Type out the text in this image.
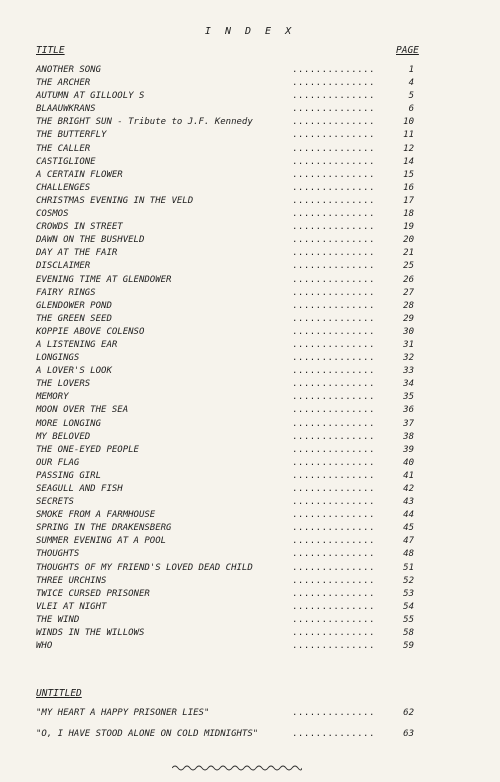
I N D E X
TITLE	PAGE
ANOTHER SONG	..............	1
THE ARCHER	..............	4
AUTUMN AT GILLOOLY S	..............	5
BLAAUWKRANS	..............	6
THE BRIGHT SUN - Tribute to J.F. Kennedy	..............	10
THE BUTTERFLY	..............	11
THE CALLER	..............	12
CASTIGLIONE	..............	14
A CERTAIN FLOWER	..............	15
CHALLENGES	..............	16
CHRISTMAS EVENING IN THE VELD	..............	17
COSMOS	..............	18
CROWDS IN STREET	..............	19
DAWN ON THE BUSHVELD	..............	20
DAY AT THE FAIR	..............	21
DISCLAIMER	..............	25
EVENING TIME AT GLENDOWER	..............	26
FAIRY RINGS	..............	27
GLENDOWER POND	..............	28
THE GREEN SEED	..............	29
KOPPIE ABOVE COLENSO	..............	30
A LISTENING EAR	..............	31
LONGINGS	..............	32
A LOVER'S LOOK	..............	33
THE LOVERS	..............	34
MEMORY	..............	35
MOON OVER THE SEA	..............	36
MORE LONGING	..............	37
MY BELOVED	..............	38
THE ONE-EYED PEOPLE	..............	39
OUR FLAG	..............	40
PASSING GIRL	..............	41
SEAGULL AND FISH	..............	42
SECRETS	..............	43
SMOKE FROM A FARMHOUSE	..............	44
SPRING IN THE DRAKENSBERG	..............	45
SUMMER EVENING AT A POOL	..............	47
THOUGHTS	..............	48
THOUGHTS OF MY FRIEND'S LOVED DEAD CHILD	..............	51
THREE URCHINS	..............	52
TWICE CURSED PRISONER	..............	53
VLEI AT NIGHT	..............	54
THE WIND	..............	55
WINDS IN THE WILLOWS	..............	58
WHO	..............	59
UNTITLED
"MY HEART A HAPPY PRISONER LIES"	..............	62
"O, I HAVE STOOD ALONE ON COLD MIDNIGHTS"	..............	63
